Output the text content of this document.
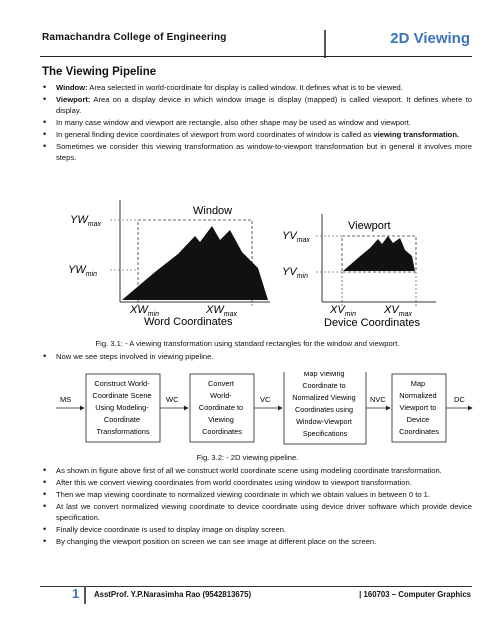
Ramachandra College of Engineering	2D Viewing
The Viewing Pipeline
• Window: Area selected in world-coordinate for display is called window. It defines what is to be viewed.
• Viewport: Area on a display device in which window image is display (mapped) is called viewport. It defines where to display.
• In many case window and viewport are rectangle, also other shape may be used as window and viewport.
• In general finding device coordinates of viewport from word coordinates of window is called as viewing transformation.
• Sometimes we consider this viewing transformation as window-to-viewport transformation but in general it involves more steps.
Window
$YW_{max}$
$YW_{min}$
$XW_{min}$	$XW_{max}$
Word Coordinates
Viewport
$YV_{max}$
$YV_{min}$
$XV_{min}$	$XV_{max}$
Device Coordinates
Fig. 3.1: - A viewing transformation using standard rectangles for the window and viewport.
• Now we see steps involved in viewing pipeline.
MS
Construct World- Coordinate Scene Using Modeling- Coordinate Transformations
WC
Convert World- Coordinate to Viewing Coordinates
VC
Map Viewing Coordinate to Normalized Viewing Coordinates using Window-Viewport Specifications
NVC
Map Normalized Viewport to Device Coordinates
DC
Fig. 3.2: - 2D viewing pipeline.
• As shown in figure above first of all we construct world coordinate scene using modeling coordinate transformation.
• After this we convert viewing coordinates from world coordinates using window to viewport transformation.
• Then we map viewing coordinate to normalized viewing coordinate in which we obtain values in between 0 to 1.
• At last we convert normalized viewing coordinate to device coordinate using device driver software which provide device specification.
• Finally device coordinate is used to display image on display screen.
• By changing the viewport position on screen we can see image at different place on the screen.
1 AsstProf. Y.P.Narasimha Rao (9542813675)	| 160703 – Computer Graphics
